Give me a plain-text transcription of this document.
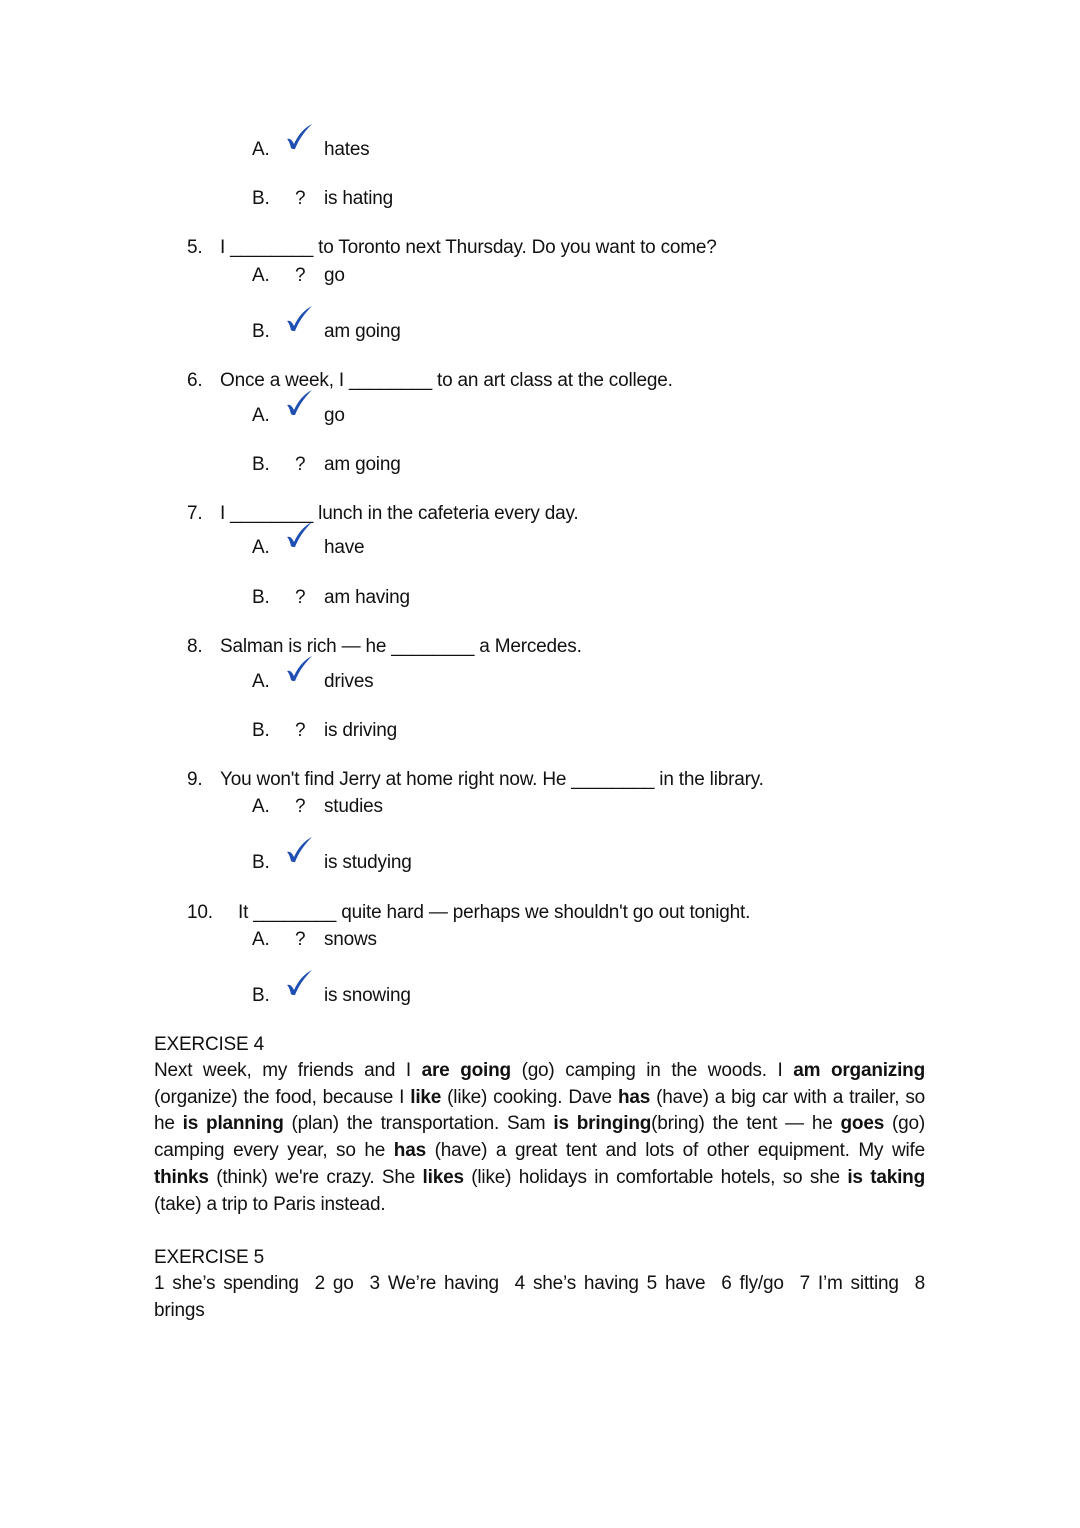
A.	hates
B. ? is hating
5. I ________ to Toronto next Thursday. Do you want to come?
A. ? go
B.	am going
6. Once a week, I ________ to an art class at the college.
A.	go
B. ? am going
7. I ________ lunch in the cafeteria every day.
A.	have
B. ? am having
8. Salman is rich — he ________ a Mercedes.
A.	drives
B. ? is driving
9. You won't find Jerry at home right now. He ________ in the library.
A. ? studies
B.	is studying
10. It ________ quite hard — perhaps we shouldn't go out tonight.
A. ? snows
B.	is snowing
EXERCISE 4
Next week, my friends and I are going (go) camping in the woods. I am organizing (organize) the food, because I like (like) cooking. Dave has (have) a big car with a trailer, so he is planning (plan) the transportation. Sam is bringing(bring) the tent — he goes (go) camping every year, so he has (have) a great tent and lots of other equipment. My wife thinks (think) we're crazy. She likes (like) holidays in comfortable hotels, so she is taking (take) a trip to Paris instead.
EXERCISE 5
1 she’s spending  2 go  3 We’re having  4 she’s having 5 have  6 fly/go  7 I’m sitting  8 brings
